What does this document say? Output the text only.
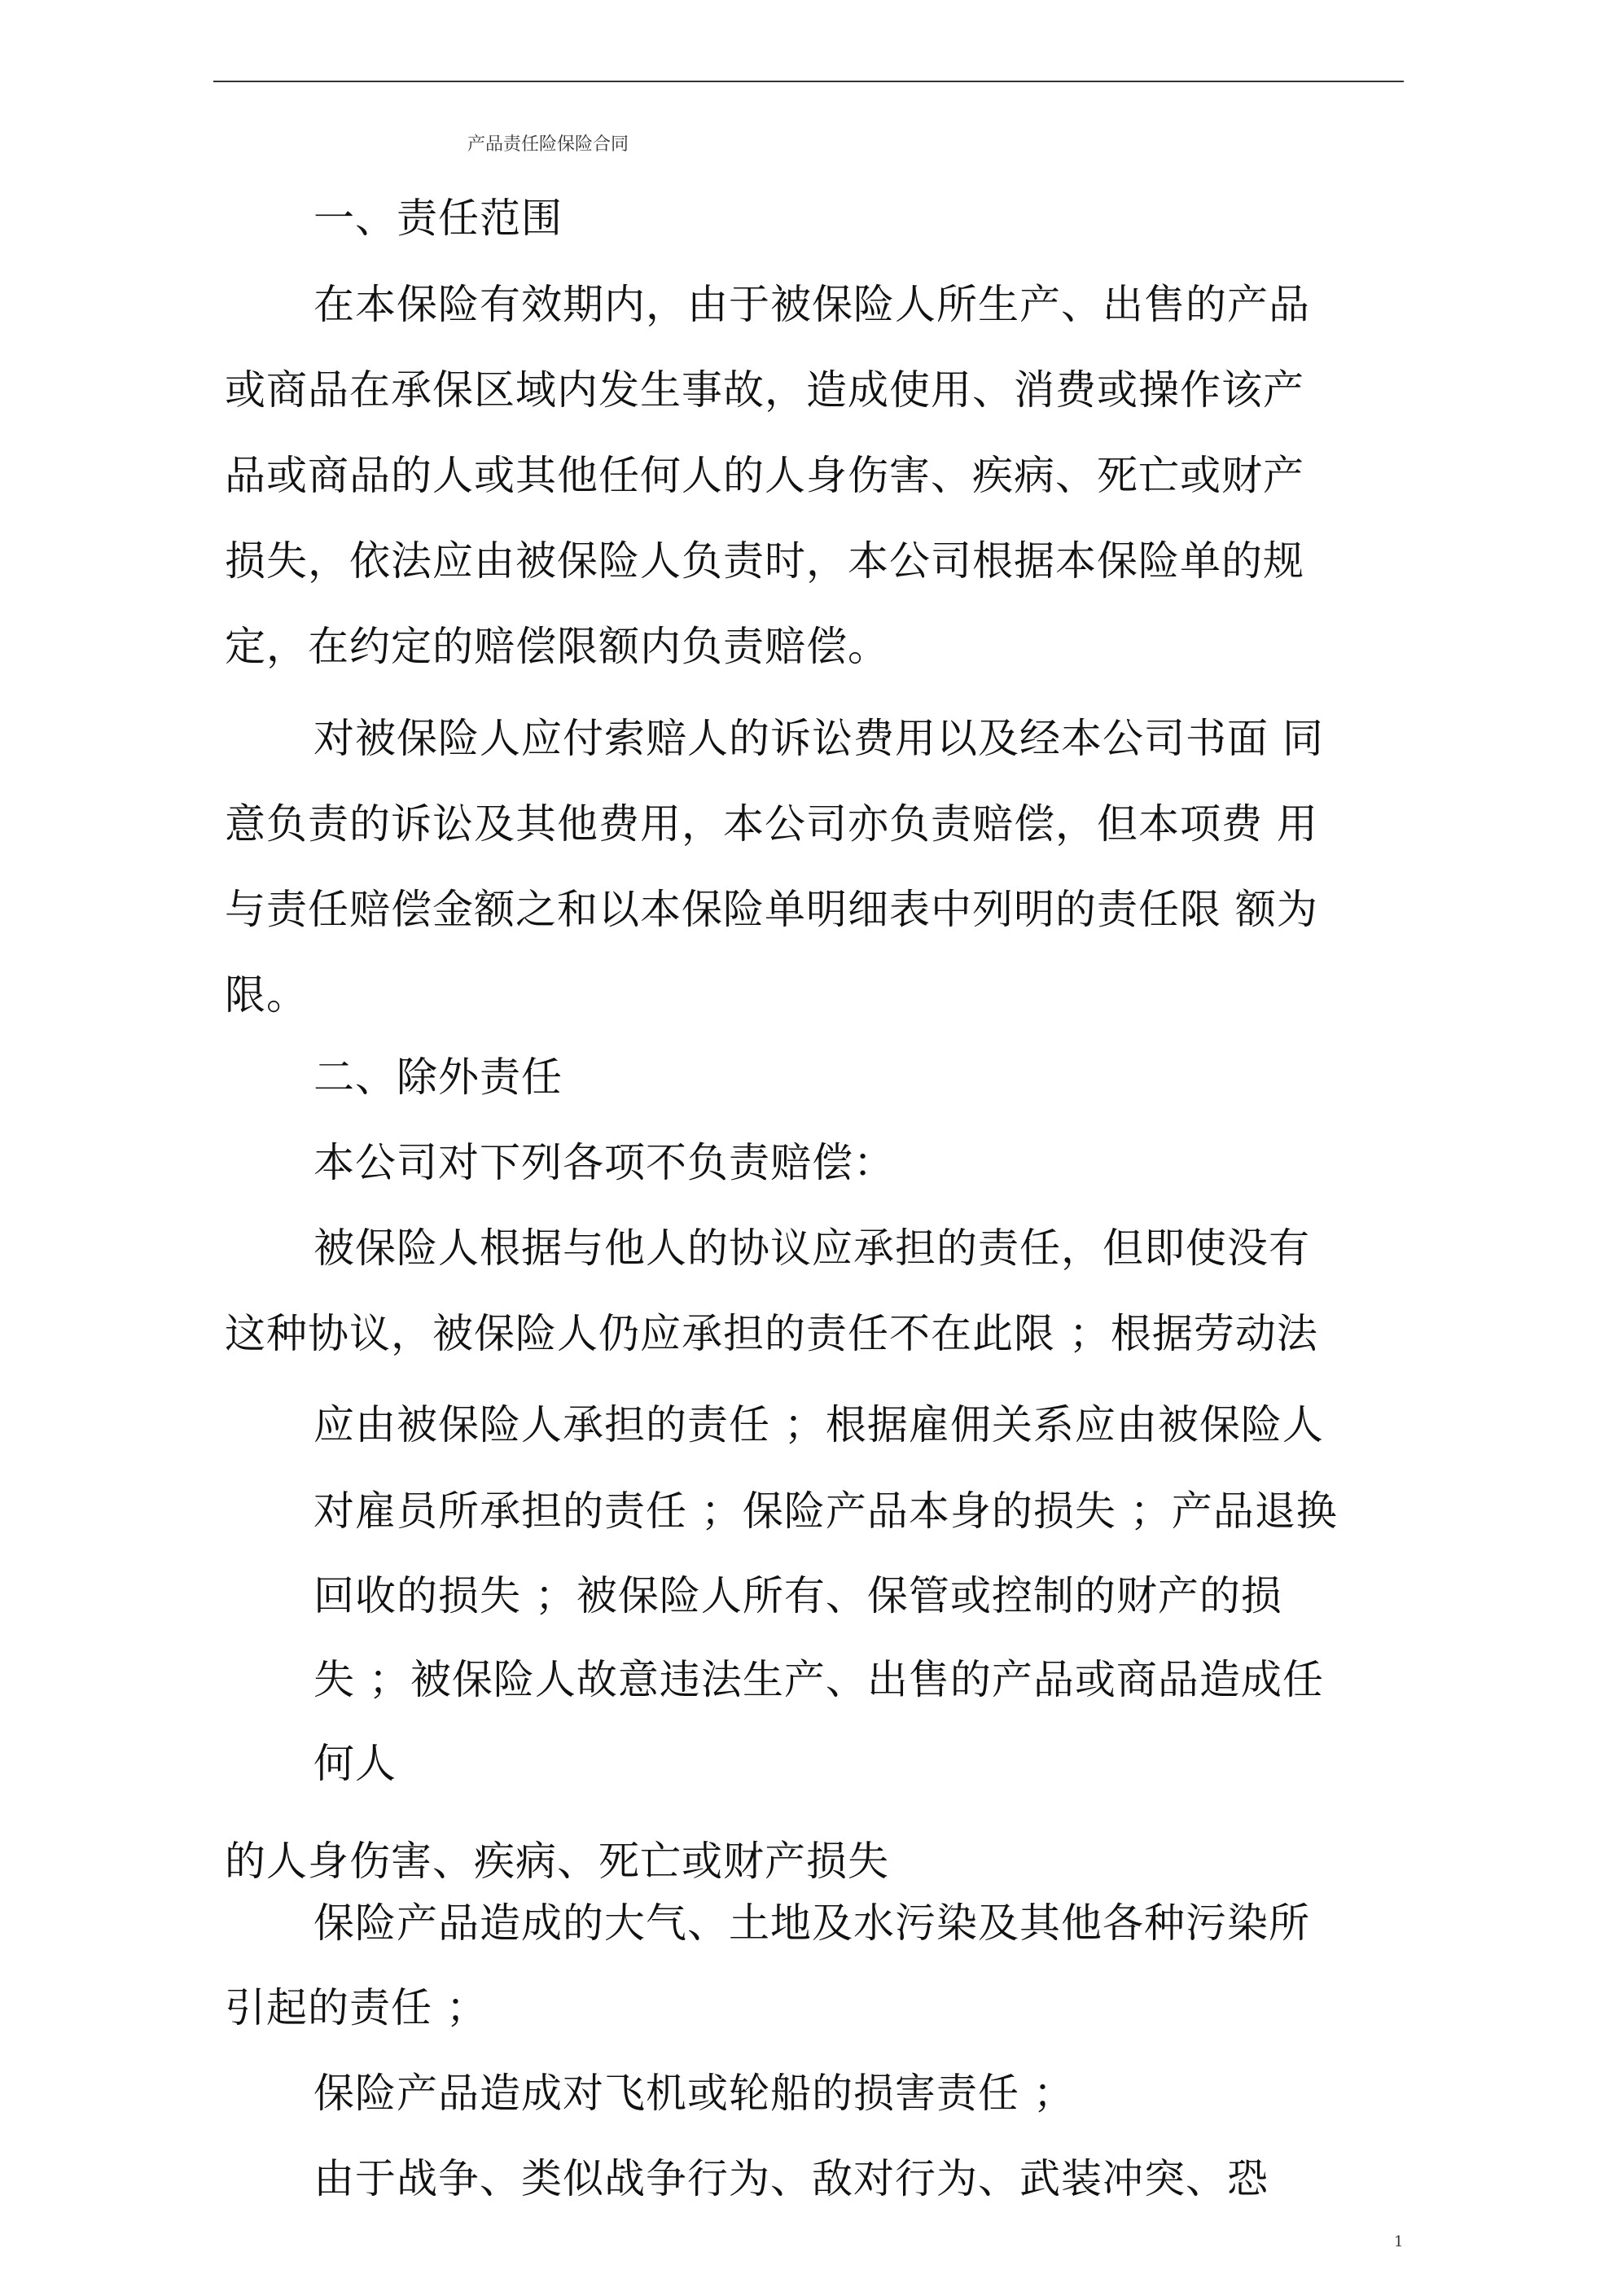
产品责任险保险合同
一、责任范围
在本保险有效期内，由于被保险人所生产、出售的产品
或商品在承保区域内发生事故，造成使用、消费或操作该产
品或商品的人或其他任何人的人身伤害、疾病、死亡或财产
损失，依法应由被保险人负责时，本公司根据本保险单的规
定，在约定的赔偿限额内负责赔偿。
对被保险人应付索赔人的诉讼费用以及经本公司书面 同
意负责的诉讼及其他费用，本公司亦负责赔偿，但本项费 用
与责任赔偿金额之和以本保险单明细表中列明的责任限 额为
限。
二、除外责任
本公司对下列各项不负责赔偿：
被保险人根据与他人的协议应承担的责任，但即使没有
这种协议，被保险人仍应承担的责任不在此限 ；根据劳动法
应由被保险人承担的责任 ；根据雇佣关系应由被保险人
对雇员所承担的责任 ；保险产品本身的损失 ；产品退换
回收的损失 ；被保险人所有、保管或控制的财产的损
失 ；被保险人故意违法生产、出售的产品或商品造成任
何人
的人身伤害、疾病、死亡或财产损失
保险产品造成的大气、土地及水污染及其他各种污染所
引起的责任 ；
保险产品造成对飞机或轮船的损害责任 ；
由于战争、类似战争行为、敌对行为、武装冲突、恐
1
